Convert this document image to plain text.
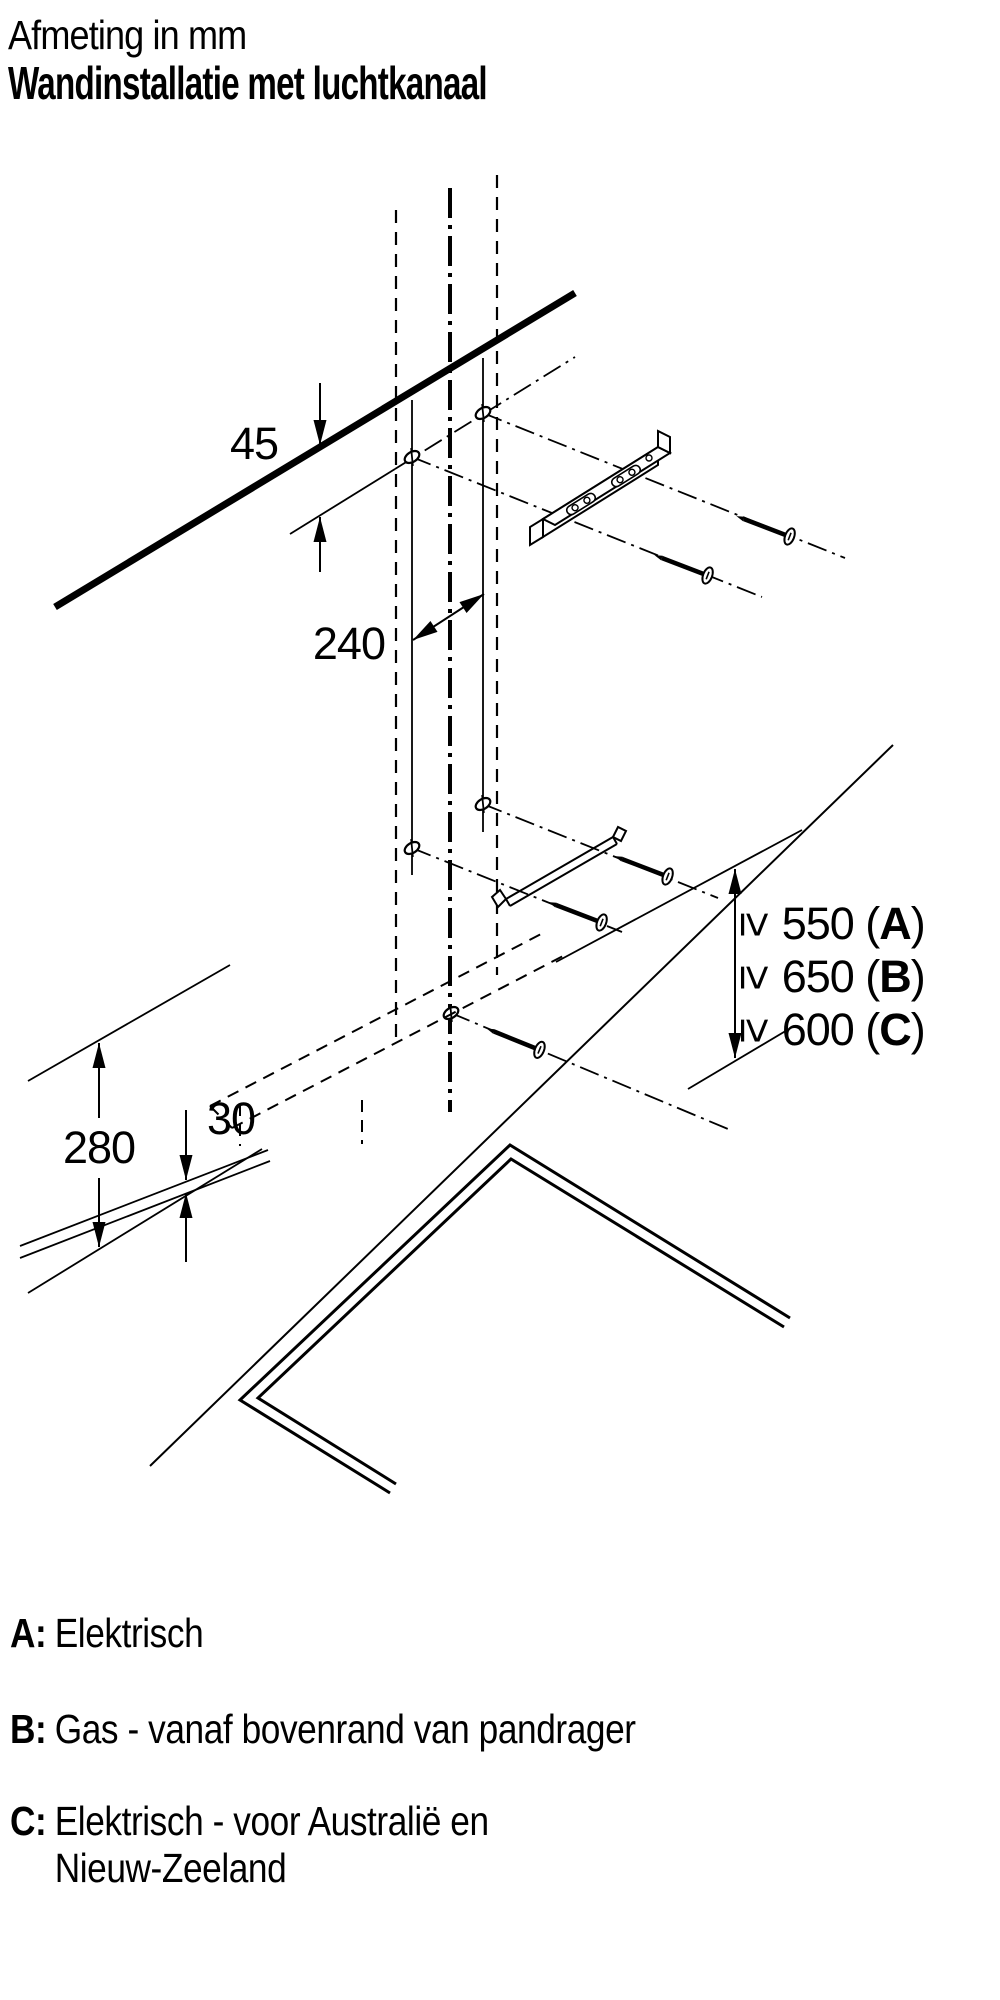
Afmeting in mm
Wandinstallatie met luchtkanaal
45
240
30
280
≥ 550 ( A )
≥ 650 ( B )
≥ 600 ( C )
A: Elektrisch
B: Gas - vanaf bovenrand van pandrager
C: Elektrisch - voor Australië en
Nieuw-Zeeland
